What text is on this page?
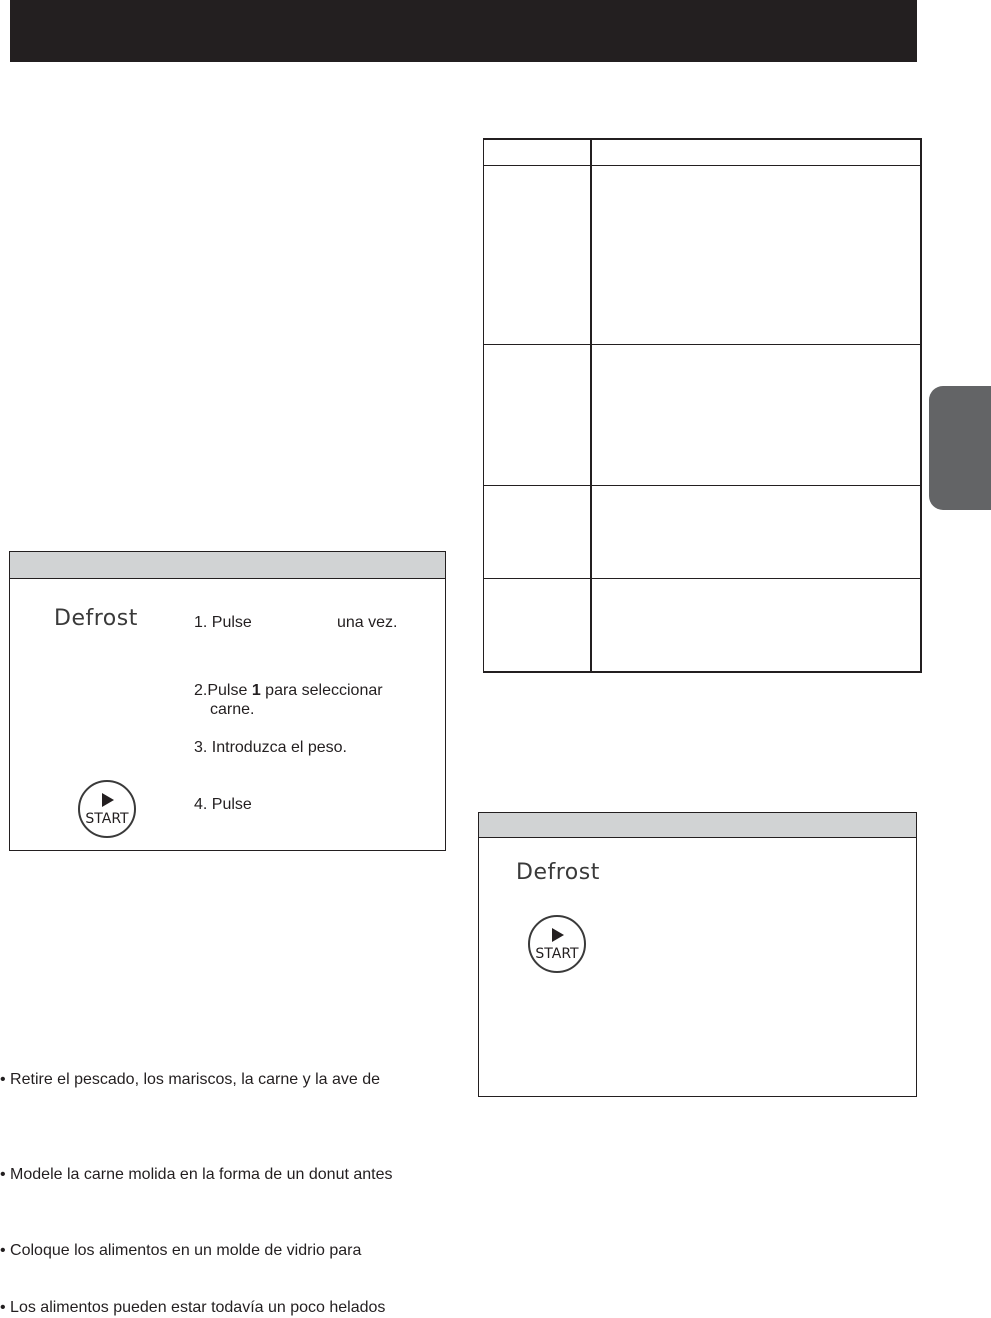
Defrost	1. Pulse	una vez.
2.Pulse 1 para seleccionar
carne.
3. Introduzca el peso.
START
4. Pulse
Defrost
START
• Retire el pescado, los mariscos, la carne y la ave de
• Modele la carne molida en la forma de un donut antes
• Coloque los alimentos en un molde de vidrio para
• Los alimentos pueden estar todavía un poco helados
